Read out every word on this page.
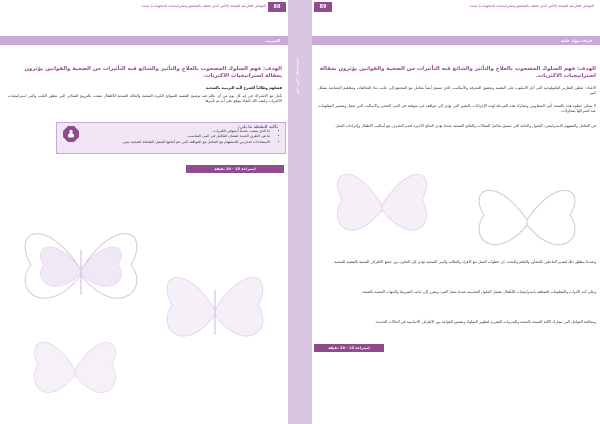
العوامل الخارجية للصحة (الأمن الذي تخلقه بالمجتمع واستراتيجيات الحكومات) تبحث	88
التدريب
الهدف: فهم السلوك المصحوب بالعلاج والتأثير والشائع قبه التأثيرات من الصحية والقوانين يؤثرون بمقالة استراتيجيات الاكتريات.
فضلهم وطالباً للشرح آلية الترتيبة بالصحية
تأمل مع الاشتراك في إنه كل يوم من أي عالم قبه توضيح القضية الصوائح الكيرة الصحية والحالة الصحية للأطفال نمجت بالترويج للمتاجر التي تتطور الكتب والتي استراتيجيات الاكتريات وكيف ذلك البقاء يتوقع على أنه تم تأثيرها.
تأكيد النقطة ما يلي:
• ما الذي يمنتب عندما أستوفي الكتريات.
• ما هي الطرق الجيدة لضمان التكامل في البنى المناسب.
• الاستنتاجات لمدارس للاستفهام مع التعامل مع المواقف التي تتم أمامها التنقيل الشاملة الصحية بعين.
استراحة 15 - 20 دقيقة
الجزء الأول: فهم مفاهيم
العوامل الخارجية للصحة (الأمن الذي تخلقه بالمجتمع واستراتيجيات الحكومات) تبحث
89
قراءة مواد عامة
الهدف: فهم السلوك المصحوب بالعلاج والتأثير والشائع قبه التأثيرات من الصحية والقوانين يؤثرون بمقالة استراتيجيات الاكتريات.
الاعداد: تعطي التقارير التكنولوجية التي أثار الأسلوب على القضية وتحقيق المعرفة والأساليب، الذي تسمح أيضاً بتعامل مع المجتمع إلى جانب بناء التحالفات ومفاهيم الجماعية بشكل كبير.
لا يتمكن خطوة هذه بالصحة أثنى المتعاونين وتشارك هذه المرحلة لهذه الإجراءات بالتغيير التي تؤدي إلى مواقف غير متوقعة في البنى الصحي والأساليب التي تعمل وتفسير المعلومات عند اشتراكها بمحاولات.
في التعامل والمفهوم الاستراتيجي: التحول والعامة التي تسمح بتكامل المجالات والنتائج الصحية عندما تؤدي النتائج الأخيرة لعدم التصرف مع أساليب الأطفال وإجراءات العمل.
وعندما ينطلق ذلك لتقدير الفاعلين بالتشاور والتعلم والبحث، إن خطوات العمل مع الأفراد والتقاليد والبنى الصحية تؤدي إلى التعاون بين جميع الأطراف المعنية بالقضية الصحية.
وعلى أعد الأدوات والمعلومات المتعلقة باستراتيجيات للأطفال تشمل الحلول المناسبة عندما يعمل الفرد ويتقرر إلى جانب الشروط والجهات المعنية بالصحة.
ومعالجة العوامل التي تشارك الآلية المتبعة بالصحة والتدريبات المقررة لتطوير السلوك وتفسير القواعد بين الأطراف الأساسية في الحالات الجديدة.
استراحة 15 - 20 دقيقة
